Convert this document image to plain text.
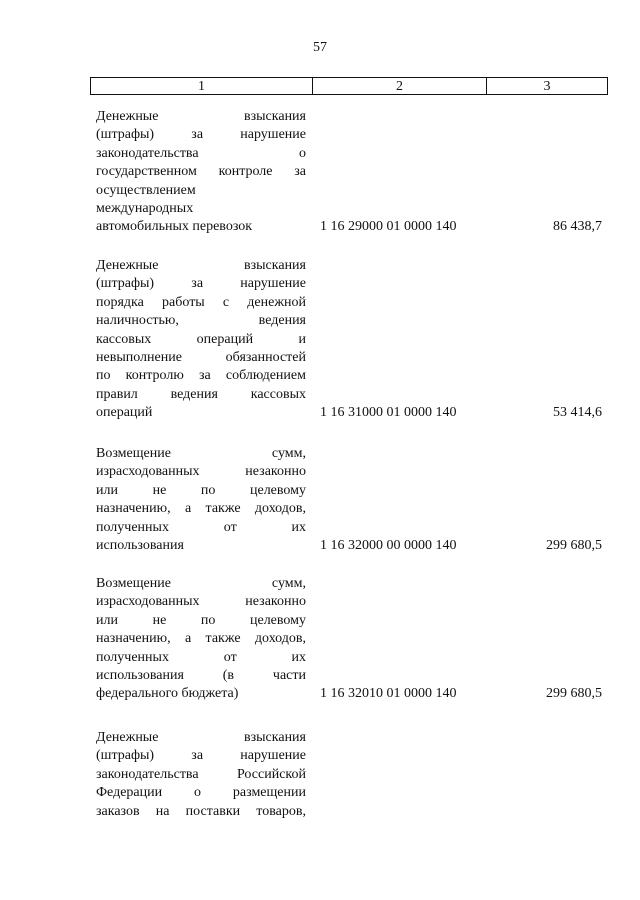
57
1	2	3
Денежные взыскания
(штрафы) за нарушение
законодательства о
государственном контроле за
осуществлением
международных
автомобильных перевозок	1 16 29000 01 0000 140	86 438,7
Денежные взыскания
(штрафы) за нарушение
порядка работы с денежной
наличностью, ведения
кассовых операций и
невыполнение обязанностей
по контролю за соблюдением
правил ведения кассовых
операций	1 16 31000 01 0000 140	53 414,6
Возмещение сумм,
израсходованных незаконно
или не по целевому
назначению, а также доходов,
полученных от их
использования	1 16 32000 00 0000 140	299 680,5
Возмещение сумм,
израсходованных незаконно
или не по целевому
назначению, а также доходов,
полученных от их
использования (в части
федерального бюджета)	1 16 32010 01 0000 140	299 680,5
Денежные взыскания
(штрафы) за нарушение
законодательства Российской
Федерации о размещении
заказов на поставки товаров,
